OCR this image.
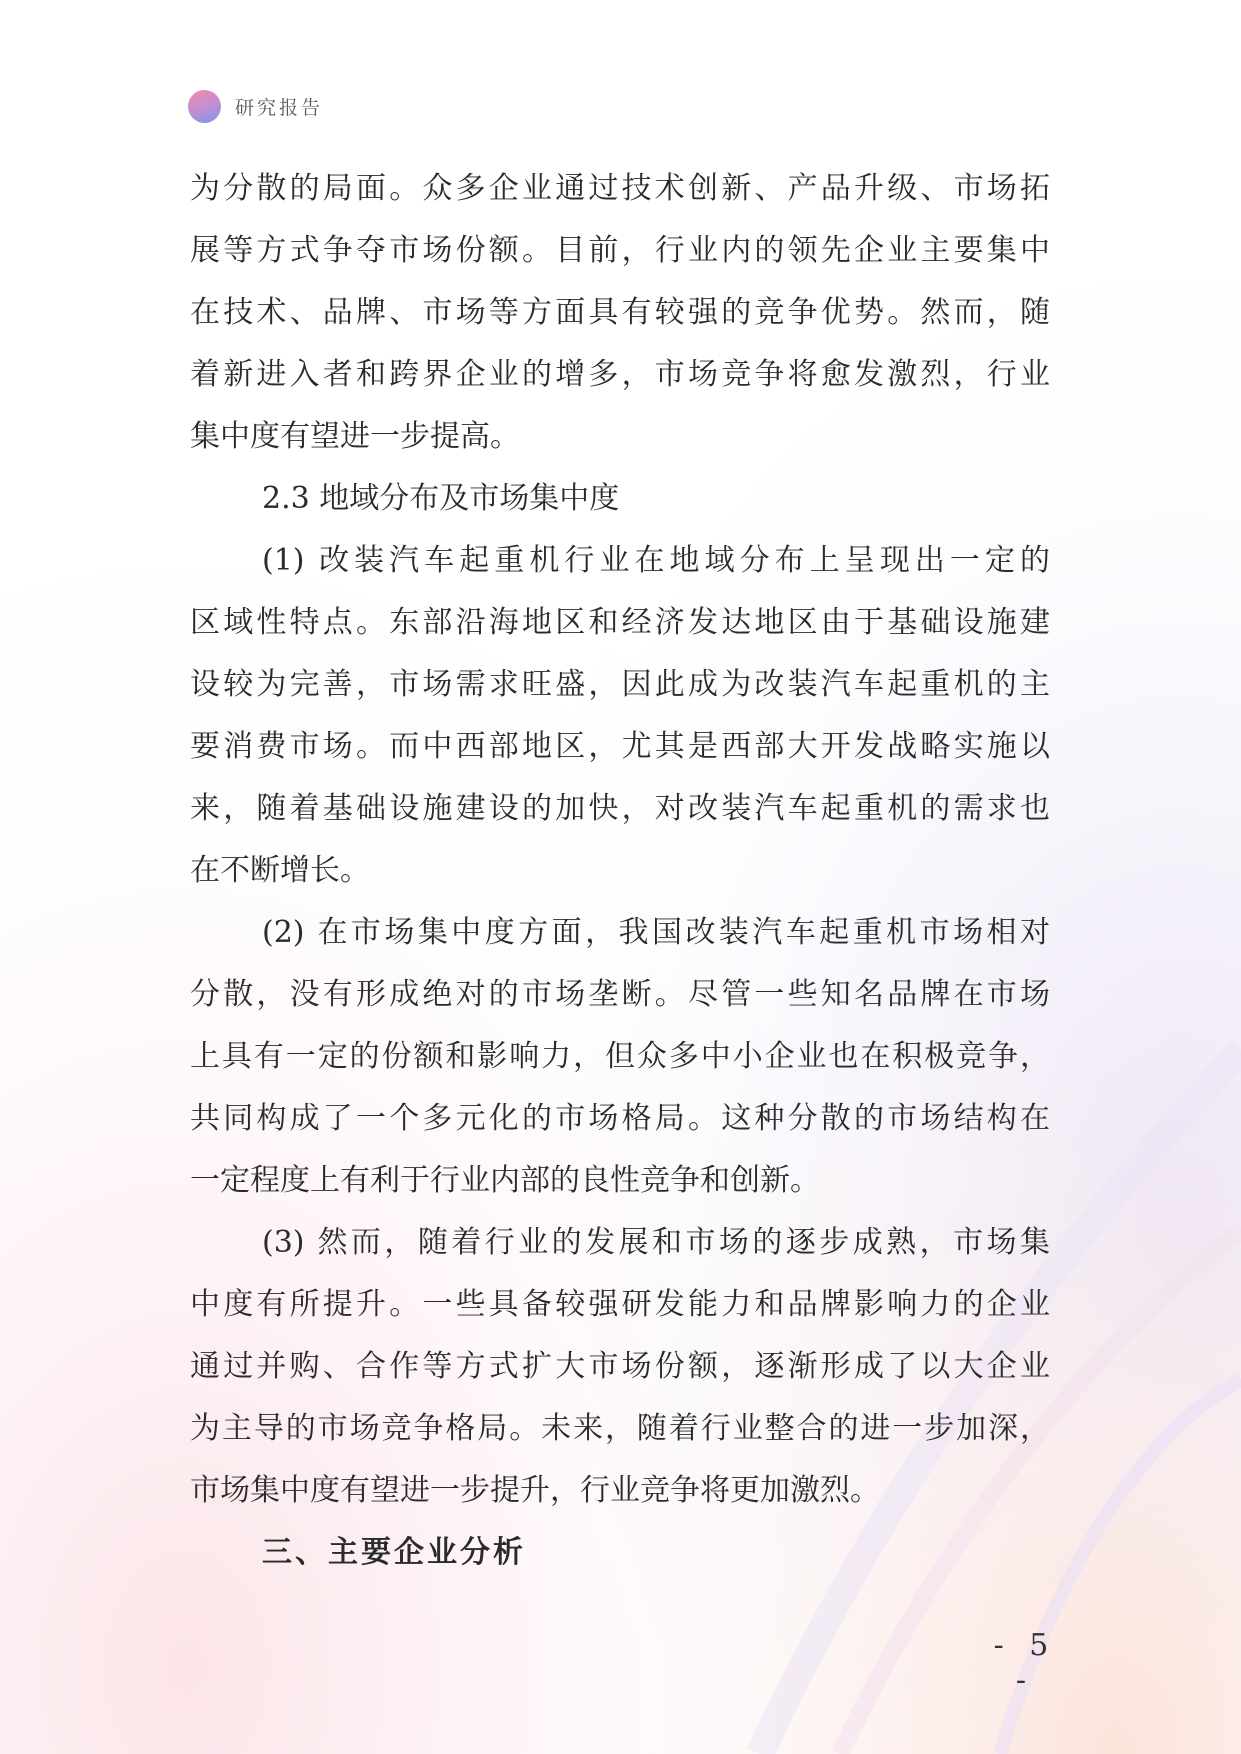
研究报告
为分散的局面。众多企业通过技术创新、产品升级、市场拓
展等方式争夺市场份额。目前，行业内的领先企业主要集中
在技术、品牌、市场等方面具有较强的竞争优势。然而，随
着新进入者和跨界企业的增多，市场竞争将愈发激烈，行业
集中度有望进一步提高。
2.3 地域分布及市场集中度
(1) 改装汽车起重机行业在地域分布上呈现出一定的
区域性特点。东部沿海地区和经济发达地区由于基础设施建
设较为完善，市场需求旺盛，因此成为改装汽车起重机的主
要消费市场。而中西部地区，尤其是西部大开发战略实施以
来，随着基础设施建设的加快，对改装汽车起重机的需求也
在不断增长。
(2) 在市场集中度方面，我国改装汽车起重机市场相对
分散，没有形成绝对的市场垄断。尽管一些知名品牌在市场
上具有一定的份额和影响力，但众多中小企业也在积极竞争，
共同构成了一个多元化的市场格局。这种分散的市场结构在
一定程度上有利于行业内部的良性竞争和创新。
(3) 然而，随着行业的发展和市场的逐步成熟，市场集
中度有所提升。一些具备较强研发能力和品牌影响力的企业
通过并购、合作等方式扩大市场份额，逐渐形成了以大企业
为主导的市场竞争格局。未来，随着行业整合的进一步加深，
市场集中度有望进一步提升，行业竞争将更加激烈。
三、主要企业分析
- 5 -
